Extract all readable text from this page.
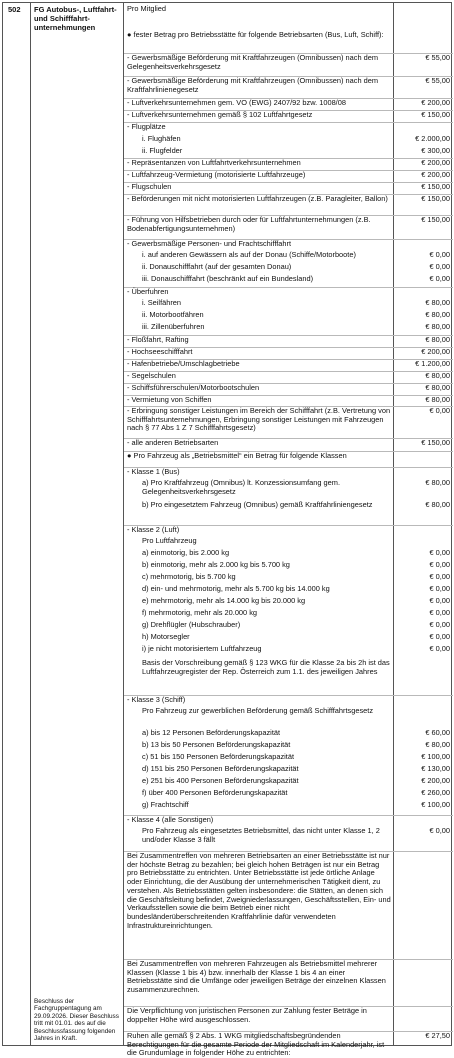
502	FG Autobus-, Luftfahrt- und Schifffahrt-unternehmungen
Beschluss der Fachgruppentagung am 29.09.2026. Dieser Beschluss tritt mit 01.01. des auf die Beschlussfassung folgenden Jahres in Kraft.
Pro Mitglied
● fester Betrag pro Betriebsstätte für folgende Betriebsarten (Bus, Luft, Schiff):
- Gewerbsmäßige Beförderung mit Kraftfahrzeugen (Omnibussen) nach dem Gelegenheitsverkehrsgesetz
€ 55,00
- Gewerbsmäßige Beförderung mit Kraftfahrzeugen (Omnibussen) nach dem Kraftfahrlinienegesetz
€ 55,00
- Luftverkehrsunternehmen gem. VO (EWG) 2407/92 bzw. 1008/08	€ 200,00
- Luftverkehrsunternehmen gemäß § 102 Luftfahrtgesetz	€ 150,00
- Flugplätze
i. Flughäfen	€ 2.000,00
ii. Flugfelder	€ 300,00
- Repräsentanzen von Luftfahrtverkehrsunternehmen	€ 200,00
- Luftfahrzeug-Vermietung (motorisierte Luftfahrzeuge)	€ 200,00
- Flugschulen	€ 150,00
- Beförderungen mit nicht motorisierten Luftfahrzeugen (z.B. Paragleiter, Ballon)	€ 150,00
- Führung von Hilfsbetrieben durch oder für Luftfahrtunternehmungen (z.B. Bodenabfertigungsunternehmen)
€ 150,00
- Gewerbsmäßige Personen- und Frachtschifffahrt
i. auf anderen Gewässern als auf der Donau (Schiffe/Motorboote)	€ 0,00
ii. Donauschifffahrt (auf der gesamten Donau)	€ 0,00
iii. Donauschifffahrt (beschränkt auf ein Bundesland)	€ 0,00
- Überfuhren
i. Seilfähren	€ 80,00
ii. Motorbootfähren	€ 80,00
iii. Zillenüberfuhren	€ 80,00
- Floßfahrt, Rafting	€ 80,00
- Hochseeschifffahrt	€ 200,00
- Hafenbetriebe/Umschlagbetriebe	€ 1.200,00
- Segelschulen	€ 80,00
- Schiffsführerschulen/Motorbootschulen	€ 80,00
- Vermietung von Schiffen	€ 80,00
- Erbringung sonstiger Leistungen im Bereich der Schifffahrt (z.B. Vertretung von Schifffahrtsunternehmungen, Erbringung sonstiger Leistungen mit Fahrzeugen nach § 77 Abs 1 Z 7 Schifffahrtsgesetz)
€ 0,00
- alle anderen Betriebsarten	€ 150,00
● Pro Fahrzeug als „Betriebsmittel“ ein Betrag für folgende Klassen
- Klasse 1 (Bus)
a) Pro Kraftfahrzeug (Omnibus) lt. Konzessionsumfang gem. Gelegenheitsverkehrsgesetz
€ 80,00
b) Pro eingesetztem Fahrzeug (Omnibus) gemäß Kraftfahrliniengesetz	€ 80,00
- Klasse 2 (Luft)
Pro Luftfahrzeug
a) einmotorig, bis 2.000 kg	€ 0,00
b) einmotorig, mehr als 2.000 kg bis 5.700 kg	€ 0,00
c) mehrmotorig, bis 5.700 kg	€ 0,00
d) ein- und mehrmotorig, mehr als 5.700 kg bis 14.000 kg	€ 0,00
e) mehrmotorig, mehr als 14.000 kg bis 20.000 kg	€ 0,00
f) mehrmotorig, mehr als 20.000 kg	€ 0,00
g) Drehflügler (Hubschrauber)	€ 0,00
h) Motorsegler	€ 0,00
i) je nicht motorisiertem Luftfahrzeug	€ 0,00
Basis der Vorschreibung gemäß § 123 WKG für die Klasse 2a bis 2h ist das Luftfahrzeugregister der Rep. Österreich zum 1.1. des jeweiligen Jahres
- Klasse 3 (Schiff)
Pro Fahrzeug zur gewerblichen Beförderung gemäß Schifffahrtsgesetz
a) bis 12 Personen Beförderungskapazität	€ 60,00
b) 13 bis 50 Personen Beförderungskapazität	€ 80,00
c) 51 bis 150 Personen Beförderungskapazität	€ 100,00
d) 151 bis 250 Personen Beförderungskapazität	€ 130,00
e) 251 bis 400 Personen Beförderungskapazität	€ 200,00
f) über 400 Personen Beförderungskapazität	€ 260,00
g) Frachtschiff	€ 100,00
- Klasse 4 (alle Sonstigen)
Pro Fahrzeug als eingesetztes Betriebsmittel, das nicht unter Klasse 1, 2 und/oder Klasse 3 fällt
€ 0,00
Bei Zusammentreffen von mehreren Betriebsarten an einer Betriebsstätte ist nur der höchste Betrag zu bezahlen; bei gleich hohen Beträgen ist nur ein Betrag pro Betriebsstätte zu entrichten. Unter Betriebsstätte ist jede örtliche Anlage oder Einrichtung, die der Ausübung der unternehmerischen Tätigkeit dient, zu verstehen. Als Betriebsstätten gelten insbesondere: die Stätten, an denen sich die Geschäftsleitung befindet, Zweigniederlassungen, Geschäftsstellen, Ein- und Verkaufsstellen sowie die beim Betrieb einer nicht bundesländerüberschreitenden Kraftfahrlinie dafür verwendeten Infrastruktureinrichtungen.
Bei Zusammentreffen von mehreren Fahrzeugen als Betriebsmittel mehrerer Klassen (Klasse 1 bis 4) bzw. innerhalb der Klasse 1 bis 4 an einer Betriebsstätte sind die Umfänge oder jeweiligen Beträge der einzelnen Klassen zusammenzurechnen.
Die Verpflichtung von juristischen Personen zur Zahlung fester Beträge in doppelter Höhe wird ausgeschlossen.
Ruhen alle gemäß § 2 Abs. 1 WKG mitgliedschaftsbegründenden Berechtigungen für die gesamte Periode der Mitgliedschaft im Kalenderjahr, ist die Grundumlage in folgender Höhe zu entrichten:
€ 27,50
